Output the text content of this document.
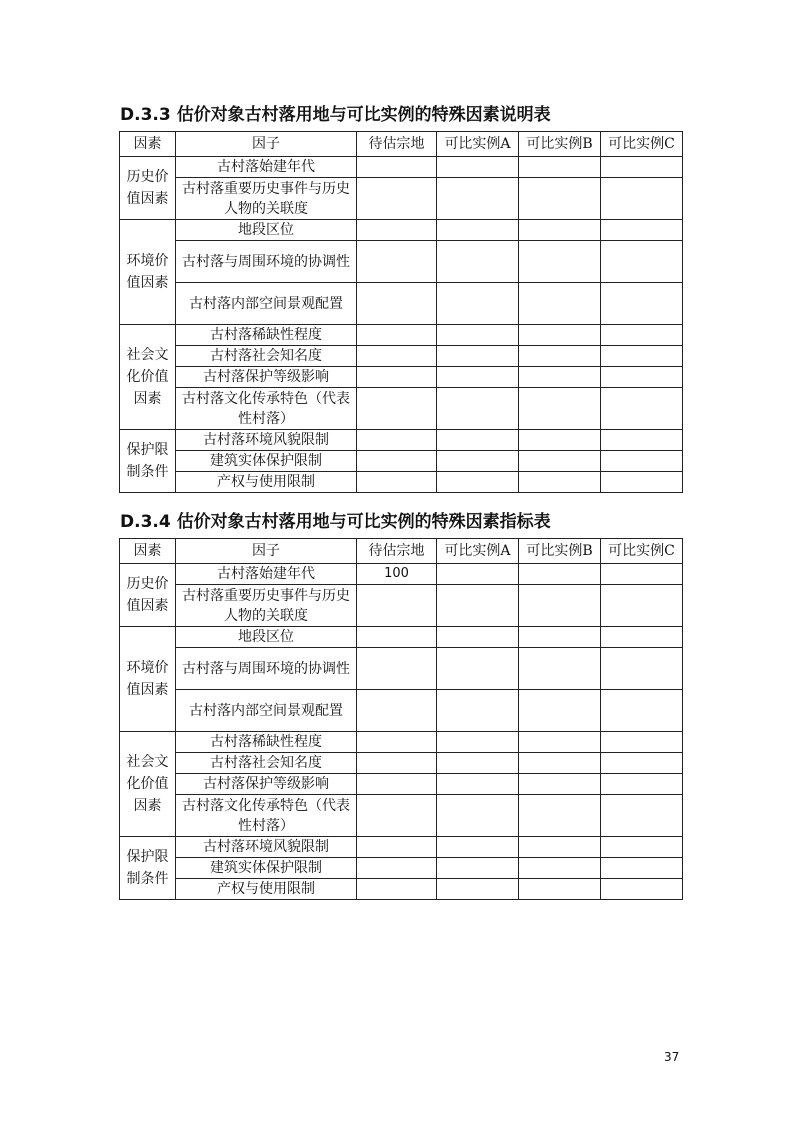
D.3.3 估价对象古村落用地与可比实例的特殊因素说明表
因素	因子	待估宗地	可比实例A	可比实例B	可比实例C
历史价值因素	古村落始建年代				
	古村落重要历史事件与历史人物的关联度				
环境价值因素	地段区位				
	古村落与周围环境的协调性				
	古村落内部空间景观配置				
社会文化价值因素	古村落稀缺性程度				
	古村落社会知名度				
	古村落保护等级影响				
	古村落文化传承特色（代表性村落）				
保护限制条件	古村落环境风貌限制				
	建筑实体保护限制				
	产权与使用限制				
D.3.4 估价对象古村落用地与可比实例的特殊因素指标表
因素	因子	待估宗地	可比实例A	可比实例B	可比实例C
历史价值因素	古村落始建年代	100			
	古村落重要历史事件与历史人物的关联度				
环境价值因素	地段区位				
	古村落与周围环境的协调性				
	古村落内部空间景观配置				
社会文化价值因素	古村落稀缺性程度				
	古村落社会知名度				
	古村落保护等级影响				
	古村落文化传承特色（代表性村落）				
保护限制条件	古村落环境风貌限制				
	建筑实体保护限制				
	产权与使用限制				
37
